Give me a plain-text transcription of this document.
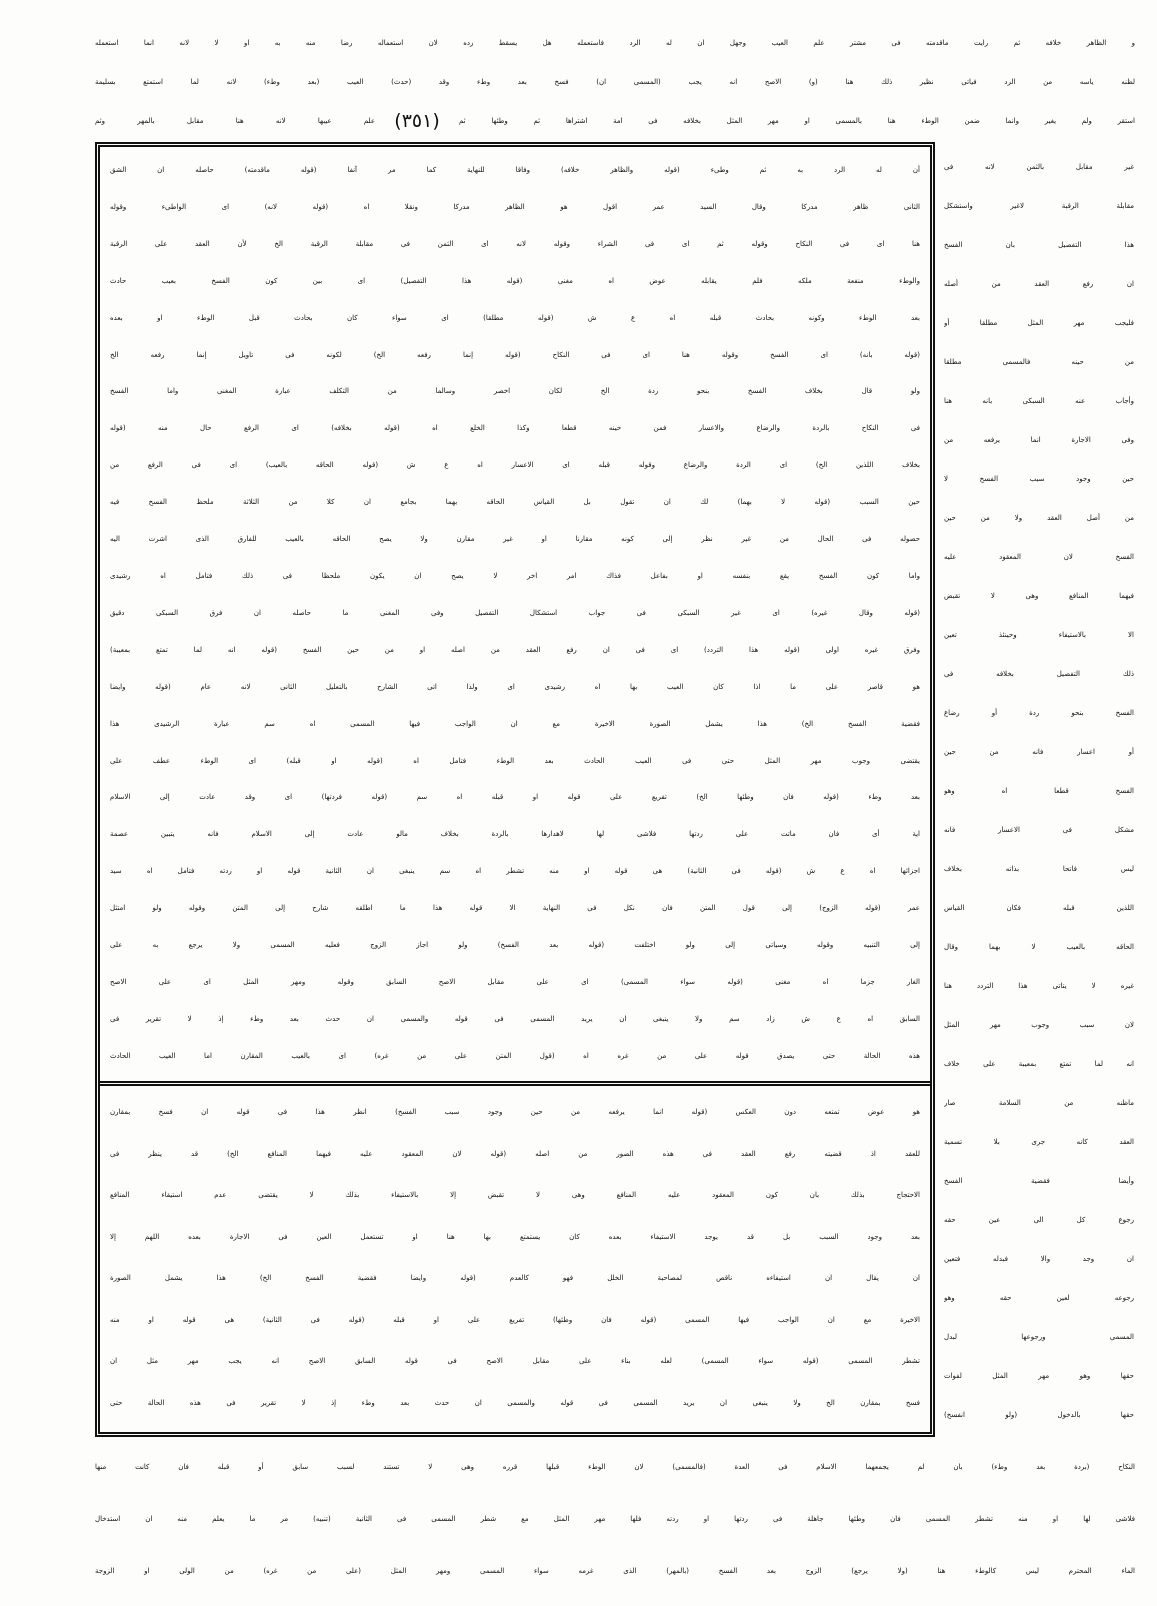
و الظاهر خلافه ثم رايت ماقدمته فى مشتر علم العيب وجهل ان له الرد فاستعمله هل يسقط رده لان استعماله رضا منه به او لا لانه انما استعمله
لظنه ياسه من الرد فياتى نظير ذلك هنا (و) الاصح انه يجب (المسمى ان) فسخ بعد وطء وقد (حدث) العيب (بعد وطء) لانه لما استمتع بسليمة
استقر ولم يغير وانما ضمن الوطء هنا بالمسمى او مهر المثل بخلافه فى امة اشتراها ثم وطئها ثم
(٣٥١)
علم عيبها لانه هنا مقابل بالمهر وثم
أن له الرد به ثم وطىء (قوله والظاهر خلافه) وفاقا للنهاية كما مر آنفا (قوله ماقدمته) حاصله ان الشق
الثانى ظاهر مدركا وقال السيد عمر اقول هو الظاهر مدركا ونقلا اه (قوله لانه) اى الواطىء وقوله
هنا اى فى النكاح وقوله ثم اى فى الشراء وقوله لانه اى الثمن فى مقابلة الرقبة الخ لأن العقد على الرقبة
والوطء منفعة ملكه فلم يقابله عوض اه مغنى (قوله هذا التفصيل) اى بين كون الفسخ بعيب حادث
بعد الوطء وكونه بحادث قبله اه ع ش (قوله مطلقا) اى سواء كان بحادث قبل الوطء او بعده
(قوله بانه) اى الفسخ وقوله هنا اى فى النكاح (قوله إنما رفعه الخ) لكونه فى تاويل إنما رفعه الخ
ولو قال بخلاف الفسخ بنحو ردة الخ لكان اخصر وسالما من التكلف عبارة المغنى واما الفسخ
فى النكاح بالردة والرضاع والاعسار فمن حينه قطعا وكذا الخلع اه (قوله بخلافه) اى الرفع حال منه (قوله
بخلاف اللذين الخ) اى الردة والرضاع وقوله قبله اى الاعسار اه ع ش (قوله الحاقه بالعيب) اى فى الرفع من
حين السبب (قوله لا بهما) لك ان تقول بل القياس الحاقه بهما بجامع ان كلا من الثلاثة ملحظ الفسخ فيه
حصوله فى الحال من غير نظر إلى كونه مقارنا او غير مقارن ولا يصح الحاقه بالعيب للفارق الذى اشرت اليه
واما كون الفسخ يقع بنفسه او بفاعل فذاك امر اخر لا يصح ان يكون ملحظا فى ذلك فتامل اه رشيدى
(قوله وقال غيره) اى غير السبكى فى جواب استشكال التفصيل وفى المغنى ما حاصله ان فرق السبكى دقيق
وفرق غيره اولى (قوله هذا التردد) اى فى ان رفع العقد من اصله او من حين الفسخ (قوله انه لما تمتع بمعيبة)
هو قاصر على ما اذا كان العيب بها اه رشيدى اى ولذا اتى الشارح بالتعليل الثانى لانه عام (قوله وايضا
فقضية الفسخ الخ) هذا يشمل الصورة الاخيرة مع ان الواجب فيها المسمى اه سم عبارة الرشيدى هذا
يقتضى وجوب مهر المثل حتى فى العيب الحادث بعد الوطء فتامل اه (قوله او قبله) اى الوطء عطف على
بعد وطء (قوله فان وطئها الخ) تفريع على قوله او قبله اه سم (قوله فردتها) اى وقد عادت إلى الاسلام
اية أى فان ماتت على ردتها فلاشى لها لاهدارها بالردة بخلاف مالو عادت إلى الاسلام فانه يتبين عصمة
اجزائها اه ع ش (قوله فى الثانية) هى قوله او منه تشطر اه سم ينبغى ان الثانية قوله او ردته فتامل اه سيد
عمر (قوله الزوج) إلى قول المتن فان نكل فى النهاية الا قوله هذا ما اطلقه شارح إلى المتن وقوله ولو امتثل
إلى التنبيه وقوله وسياتى إلى ولو اختلفت (قوله بعد الفسخ) ولو اجاز الزوج فعليه المسمى ولا يرجع به على
الغار جزما اه مغنى (قوله سواء المسمى) اى على مقابل الاصح السابق وقوله ومهر المثل اى على الاصح
السابق اه ع ش زاد سم ولا ينبغى ان يريد المسمى فى قوله والمسمى ان حدث بعد وطء إذ لا تقرير فى
هذه الحالة حتى يصدق قوله على من غره اه (قول المتن على من غره) اى بالعيب المقارن اما العيب الحادث
هو عوض تمتعه دون العكس (قوله انما يرفعه من حين وجود سبب الفسخ) انظر هذا فى قوله ان فسخ بمقارن
للعقد اذ قضيته رفع العقد فى هذه الصور من اصله (قوله لان المعقود عليه فيهما المنافع الخ) قد ينظر فى
الاحتجاج بذلك بان كون المعقود عليه المنافع وهى لا تقبض إلا بالاستيفاء بذلك لا يقتضى عدم استيفاء المنافع
بعد وجود السبب بل قد يوجد الاستيفاء بعده كان يستمتع بها هنا او تستعمل العين فى الاجارة بعده اللهم إلا
ان يقال ان استيفاءه ناقص لمصاحبة الخلل فهو كالعدم (قوله وايضا فقضية الفسخ الخ) هذا يشمل الصورة
الاخيرة مع ان الواجب فيها المسمى (قوله فان وطئها) تفريع على او قبله (قوله فى الثانية) هى قوله او منه
تشطر المسمى (قوله سواء المسمى) لعله بناء على مقابل الاصح فى قوله السابق الاصح انه يجب مهر مثل ان
فسخ بمقارن الخ ولا ينبغى ان يريد المسمى فى قوله والمسمى ان حدث بعد وطء إذ لا تقرير فى هذه الحالة حتى
غير مقابل بالثمن لانه فى
مقابلة الرقبة لاغير واستشكل
هذا التفصيل بان الفسخ
ان رفع العقد من أصله
فليجب مهر المثل مطلقا أو
من حينه فالمسمى مطلقا
وأجاب عنه السبكى بانه هنا
وفى الاجارة انما يرفعه من
حين وجود سبب الفسخ لا
من أصل العقد ولا من حين
الفسخ لان المعقود عليه
فيهما المنافع وهى لا تقبض
الا بالاستيفاء وحينئذ تعين
ذلك التفصيل بخلافه فى
الفسخ بنحو ردة أو رضاع
أو اعسار فانه من حين
الفسخ قطعا اه وهو
مشكل فى الاعسار فانه
ليس فاتحا بذاته بخلاف
اللذين قبله فكان القياس
الحاقه بالعيب لا بهما وقال
غيره لا يتاتى هذا التردد هنا
لان سبب وجوب مهر المثل
انه لما تمتع بمعيبة على خلاف
ماظنه من السلامة صار
العقد كانه جرى بلا تسمية
وأيضا فقضية الفسخ
رجوع كل الى عين حقه
ان وجد والا فبدله فتعين
رجوعه لعين حقه وهو
المسمى ورجوعها لبدل
حقها وهو مهر المثل لفوات
حقها بالدخول (ولو انفسخ)
النكاح (بردة بعد وطء) بان لم يجمعهما الاسلام فى العدة (فالمسمى) لان الوطء قبلها قرره وهى لا تستند لسبب سابق أو قبله فان كانت منها
فلاشى لها او منه تشطر المسمى فان وطئها جاهلة فى ردتها او ردته فلها مهر المثل مع شطر المسمى فى الثانية (تنبيه) مر ما يعلم منه ان استدخال
الماء المحترم ليس كالوطء هنا (ولا يرجع) الزوج بعد الفسخ (بالمهر) الذى غرمه سواء المسمى ومهر المثل (على من غره) من الولى او الزوجة
